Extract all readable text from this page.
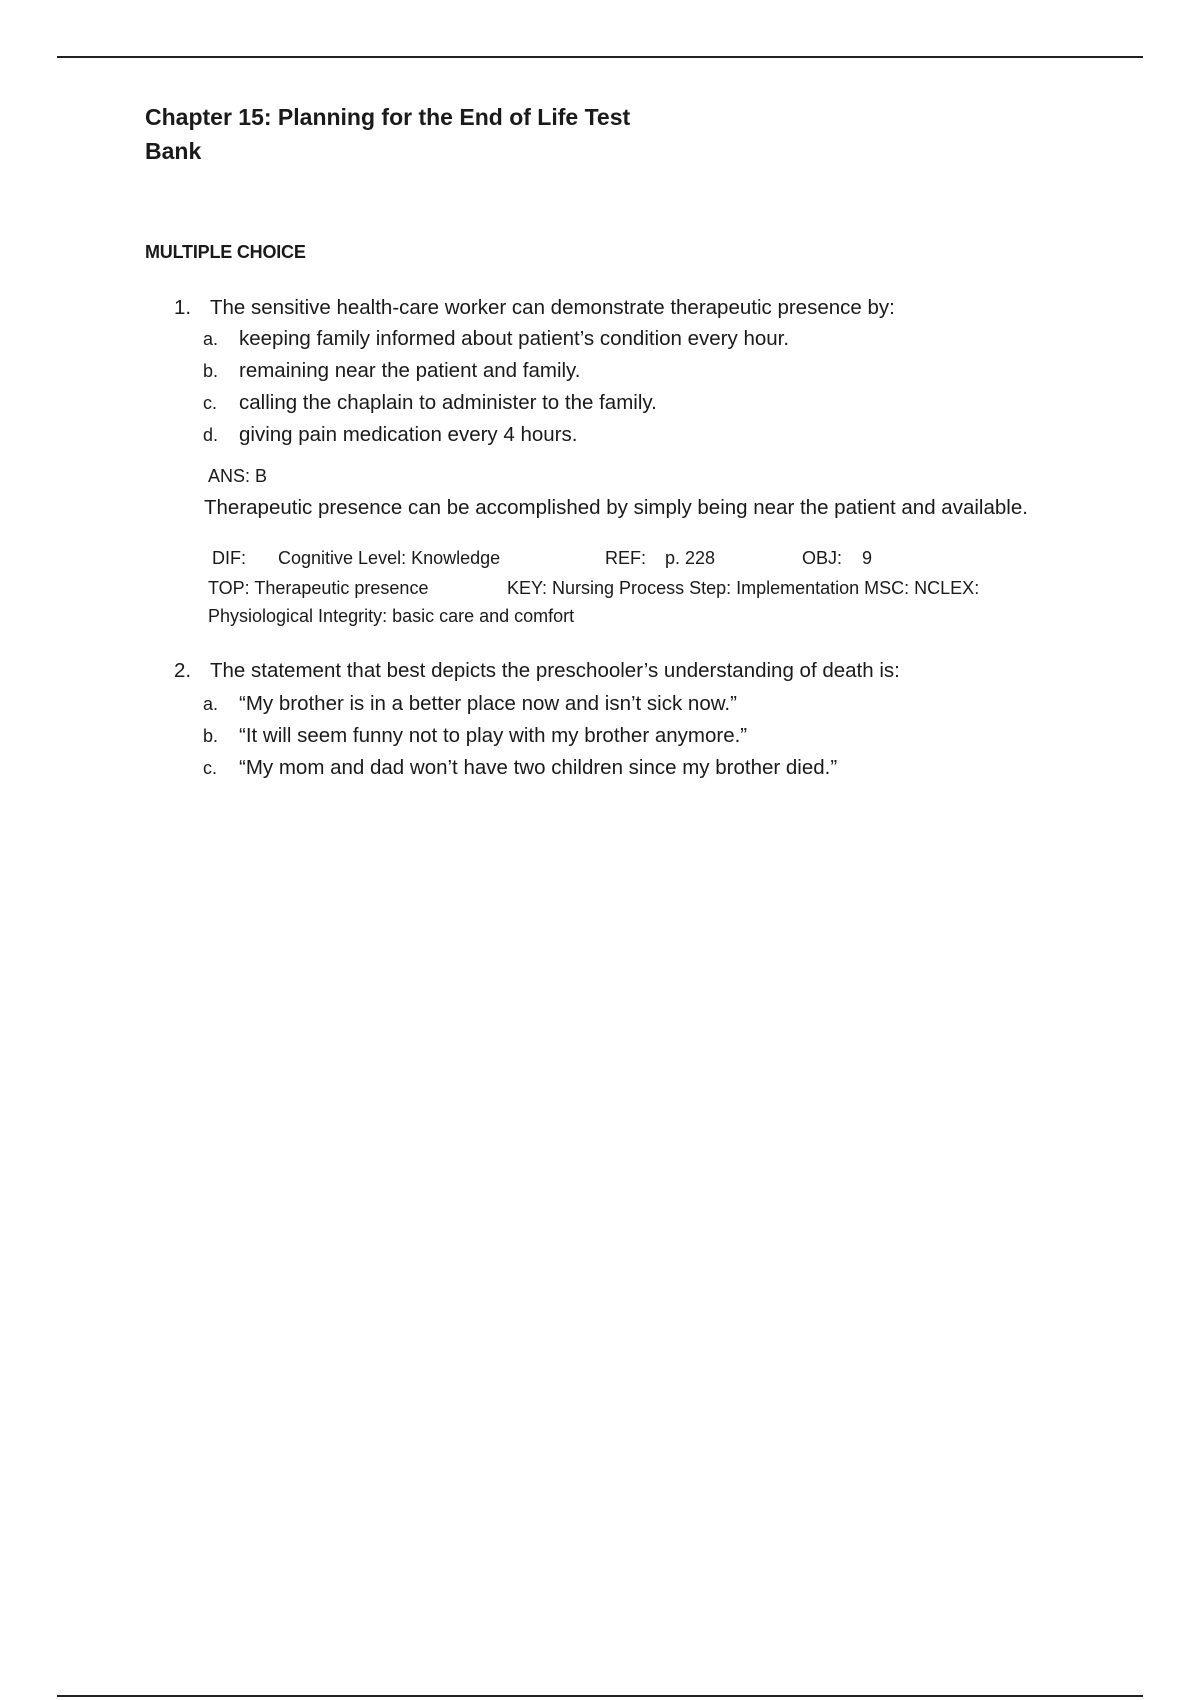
Chapter 15: Planning for the End of Life Test
Bank
MULTIPLE CHOICE
1. The sensitive health-care worker can demonstrate therapeutic presence by:
a. keeping family informed about patient’s condition every hour.
b. remaining near the patient and family.
c. calling the chaplain to administer to the family.
d. giving pain medication every 4 hours.
ANS: B
Therapeutic presence can be accomplished by simply being near the patient and available.
DIF: Cognitive Level: Knowledge	REF: p. 228	OBJ: 9
TOP: Therapeutic presence	KEY: Nursing Process Step: Implementation MSC: NCLEX:
Physiological Integrity: basic care and comfort
2. The statement that best depicts the preschooler’s understanding of death is:
a. “My brother is in a better place now and isn’t sick now.”
b. “It will seem funny not to play with my brother anymore.”
c. “My mom and dad won’t have two children since my brother died.”
